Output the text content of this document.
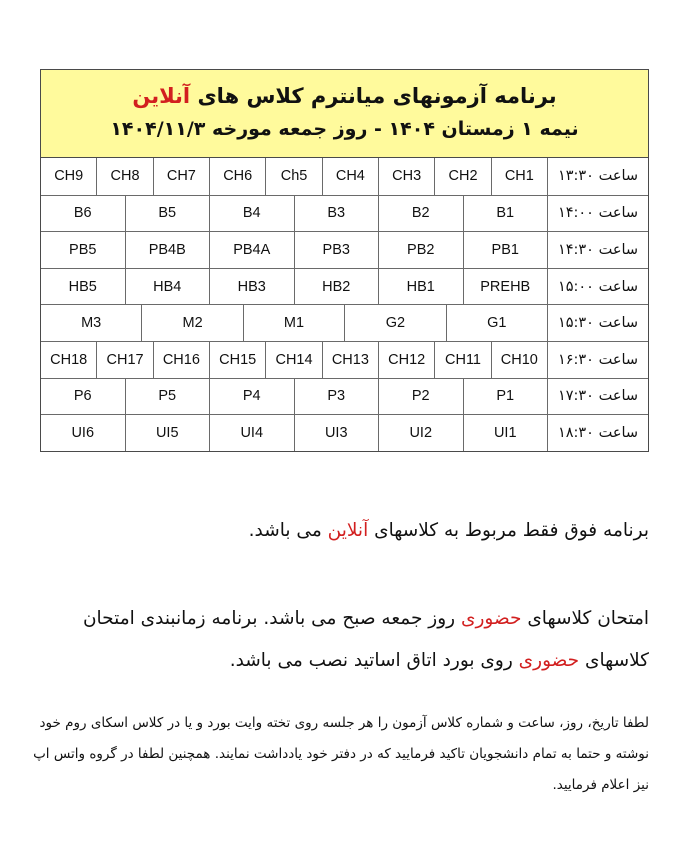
برنامه آزمونهای میانترم کلاس های آنلاین
نیمه ۱ زمستان ۱۴۰۴ - روز جمعه مورخه ۱۴۰۴/۱۱/۳
ساعت ۱۳:۳۰
CH1
CH2
CH3
CH4
Ch5
CH6
CH7
CH8
CH9
ساعت ۱۴:۰۰
B1
B2
B3
B4
B5
B6
ساعت ۱۴:۳۰
PB1
PB2
PB3
PB4A
PB4B
PB5
ساعت ۱۵:۰۰
PREHB
HB1
HB2
HB3
HB4
HB5
ساعت ۱۵:۳۰
G1
G2
M1
M2
M3
ساعت ۱۶:۳۰
CH10
CH11
CH12
CH13
CH14
CH15
CH16
CH17
CH18
ساعت ۱۷:۳۰
P1
P2
P3
P4
P5
P6
ساعت ۱۸:۳۰
UI1
UI2
UI3
UI4
UI5
UI6
برنامه فوق فقط مربوط به کلاسهای آنلاین می باشد.
امتحان کلاسهای حضوری روز جمعه صبح می باشد. برنامه زمانبندی امتحان کلاسهای حضوری روی بورد اتاق اساتید نصب می باشد.
لطفا تاریخ، روز، ساعت و شماره کلاس آزمون را هر جلسه روی تخته وایت بورد و یا در کلاس اسکای روم خود نوشته و حتما به تمام دانشجویان تاکید فرمایید که در دفتر خود یادداشت نمایند. همچنین لطفا در گروه واتس اپ نیز اعلام فرمایید.
